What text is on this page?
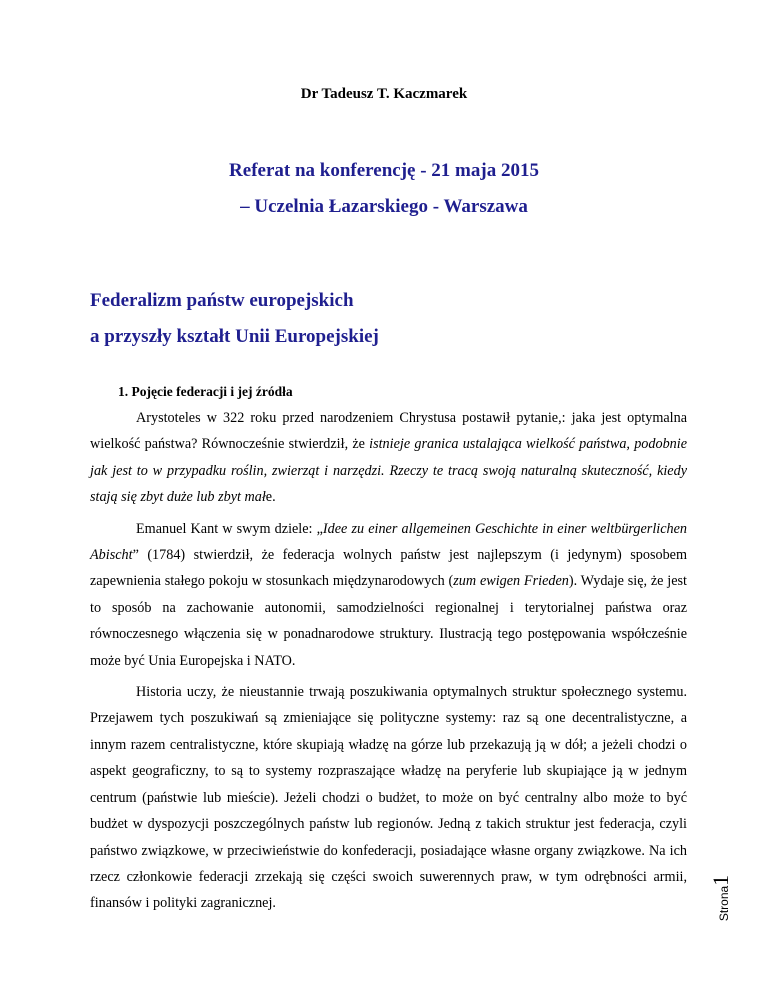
Dr Tadeusz T. Kaczmarek
Referat na konferencję - 21 maja 2015
– Uczelnia Łazarskiego - Warszawa
Federalizm państw europejskich
a przyszły kształt Unii Europejskiej
1. Pojęcie federacji i jej źródła

Arystoteles w 322 roku przed narodzeniem Chrystusa postawił pytanie,: jaka jest optymalna wielkość państwa? Równocześnie stwierdził, że istnieje granica ustalająca wielkość państwa, podobnie jak jest to w przypadku roślin, zwierząt i narzędzi. Rzeczy te tracą swoją naturalną skuteczność, kiedy stają się zbyt duże lub zbyt małe.

Emanuel Kant w swym dziele: „Idee zu einer allgemeinen Geschichte in einer weltbürgerlichen Abischt” (1784) stwierdził, że federacja wolnych państw jest najlepszym (i jedynym) sposobem zapewnienia stałego pokoju w stosunkach międzynarodowych (zum ewigen Frieden). Wydaje się, że jest to sposób na zachowanie autonomii, samodzielności regionalnej i terytorialnej państwa oraz równoczesnego włączenia się w ponadnarodowe struktury. Ilustracją tego postępowania współcześnie może być Unia Europejska i NATO.

Historia uczy, że nieustannie trwają poszukiwania optymalnych struktur społecznego systemu. Przejawem tych poszukiwań są zmieniające się polityczne systemy: raz są one decentralistyczne, a innym razem centralistyczne, które skupiają władzę na górze lub przekazują ją w dół; a jeżeli chodzi o aspekt geograficzny, to są to systemy rozpraszające władzę na peryferie lub skupiające ją w jednym centrum (państwie lub mieście). Jeżeli chodzi o budżet, to może on być centralny albo może to być budżet w dyspozycji poszczególnych państw lub regionów. Jedną z takich struktur jest federacja, czyli państwo związkowe, w przeciwieństwie do konfederacji, posiadające własne organy związkowe. Na ich rzecz członkowie federacji zrzekają się części swoich suwerennych praw, w tym odrębności armii, finansów i polityki zagranicznej.	Strona1
